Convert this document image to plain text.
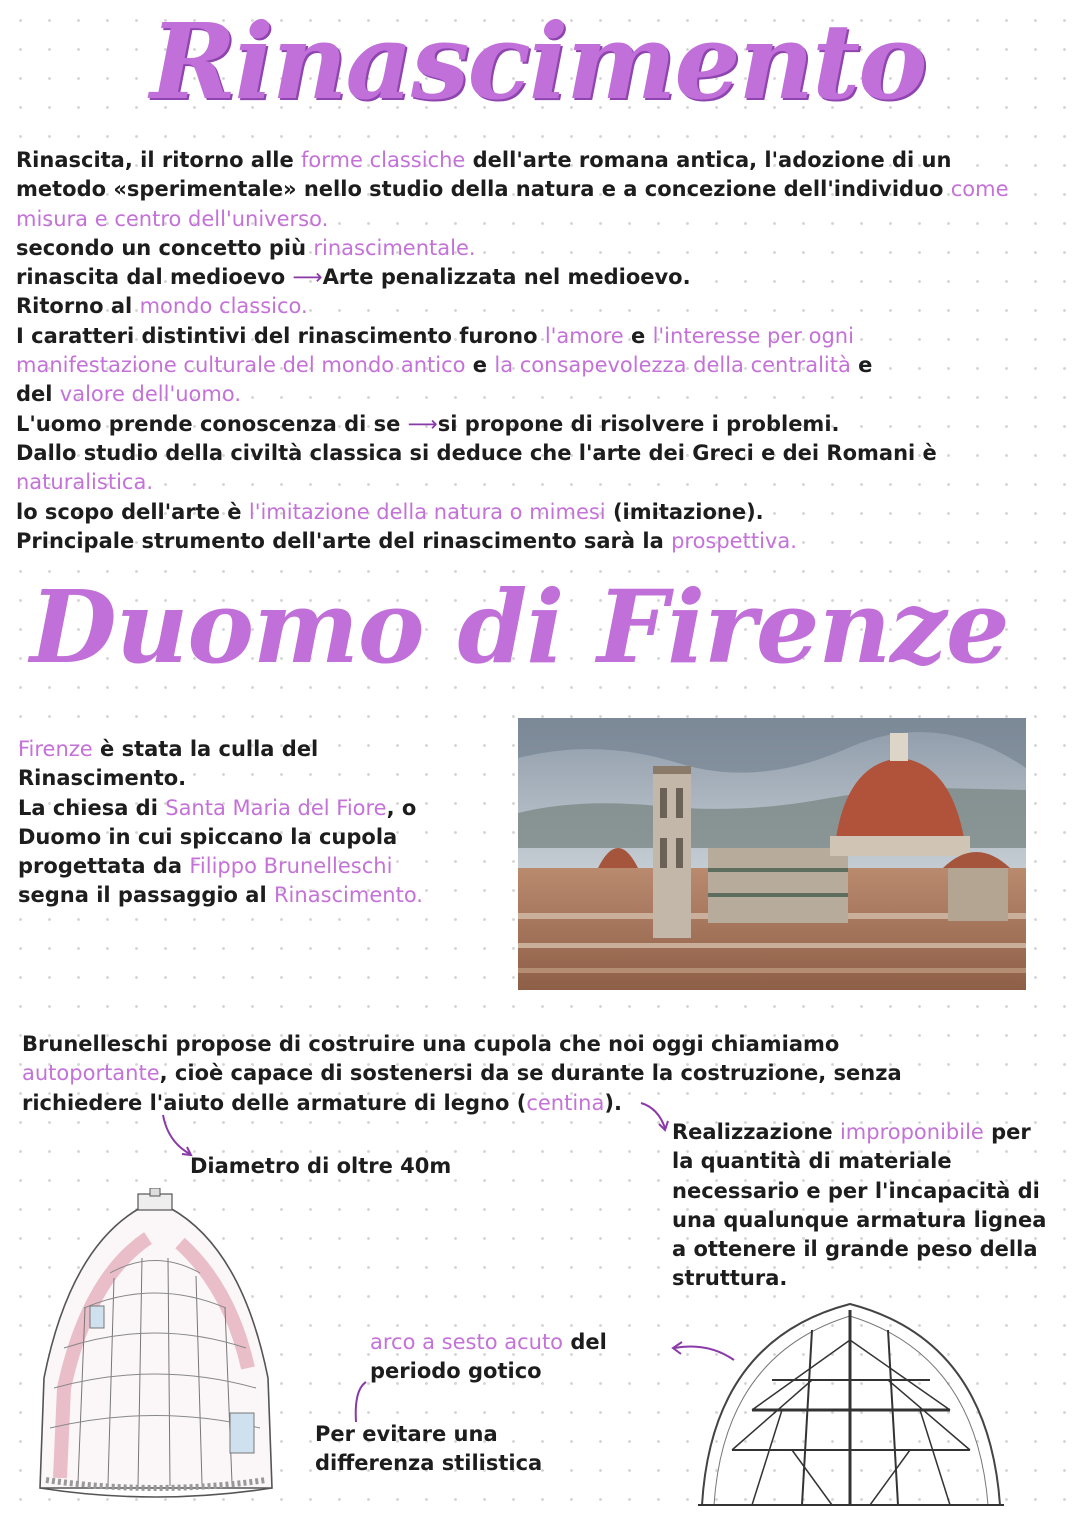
Rinascimento

Rinascita, il ritorno alle forme classiche dell'arte romana antica, l'adozione di un

metodo «sperimentale» nello studio della natura e a concezione dell'individuo come

misura e centro dell'universo.

secondo un concetto più rinascimentale.

rinascita dal medioevo ⟶Arte penalizzata nel medioevo.

Ritorno al mondo classico.

I caratteri distintivi del rinascimento furono l'amore e l'interesse per ogni

manifestazione culturale del mondo antico e la consapevolezza della centralità e

del valore dell'uomo.

L'uomo prende conoscenza di se ⟶si propone di risolvere i problemi.

Dallo studio della civiltà classica si deduce che l'arte dei Greci e dei Romani è

naturalistica.

lo scopo dell'arte è l'imitazione della natura o mimesi (imitazione).

Principale strumento dell'arte del rinascimento sarà la prospettiva.

Duomo di Firenze

Firenze è stata la culla del

Rinascimento.

La chiesa di Santa Maria del Fiore, o

Duomo in cui spiccano la cupola

progettata da Filippo Brunelleschi

segna il passaggio al Rinascimento.

Brunelleschi propose di costruire una cupola che noi oggi chiamiamo

autoportante, cioè capace di sostenersi da se durante la costruzione, senza

richiedere l'aiuto delle armature di legno (centina).

Diametro di oltre 40m

Realizzazione improponibile per

la quantità di materiale

necessario e per l'incapacità di

una qualunque armatura lignea

a ottenere il grande peso della

struttura.

arco a sesto acuto del

periodo gotico

Per evitare una

differenza stilistica
